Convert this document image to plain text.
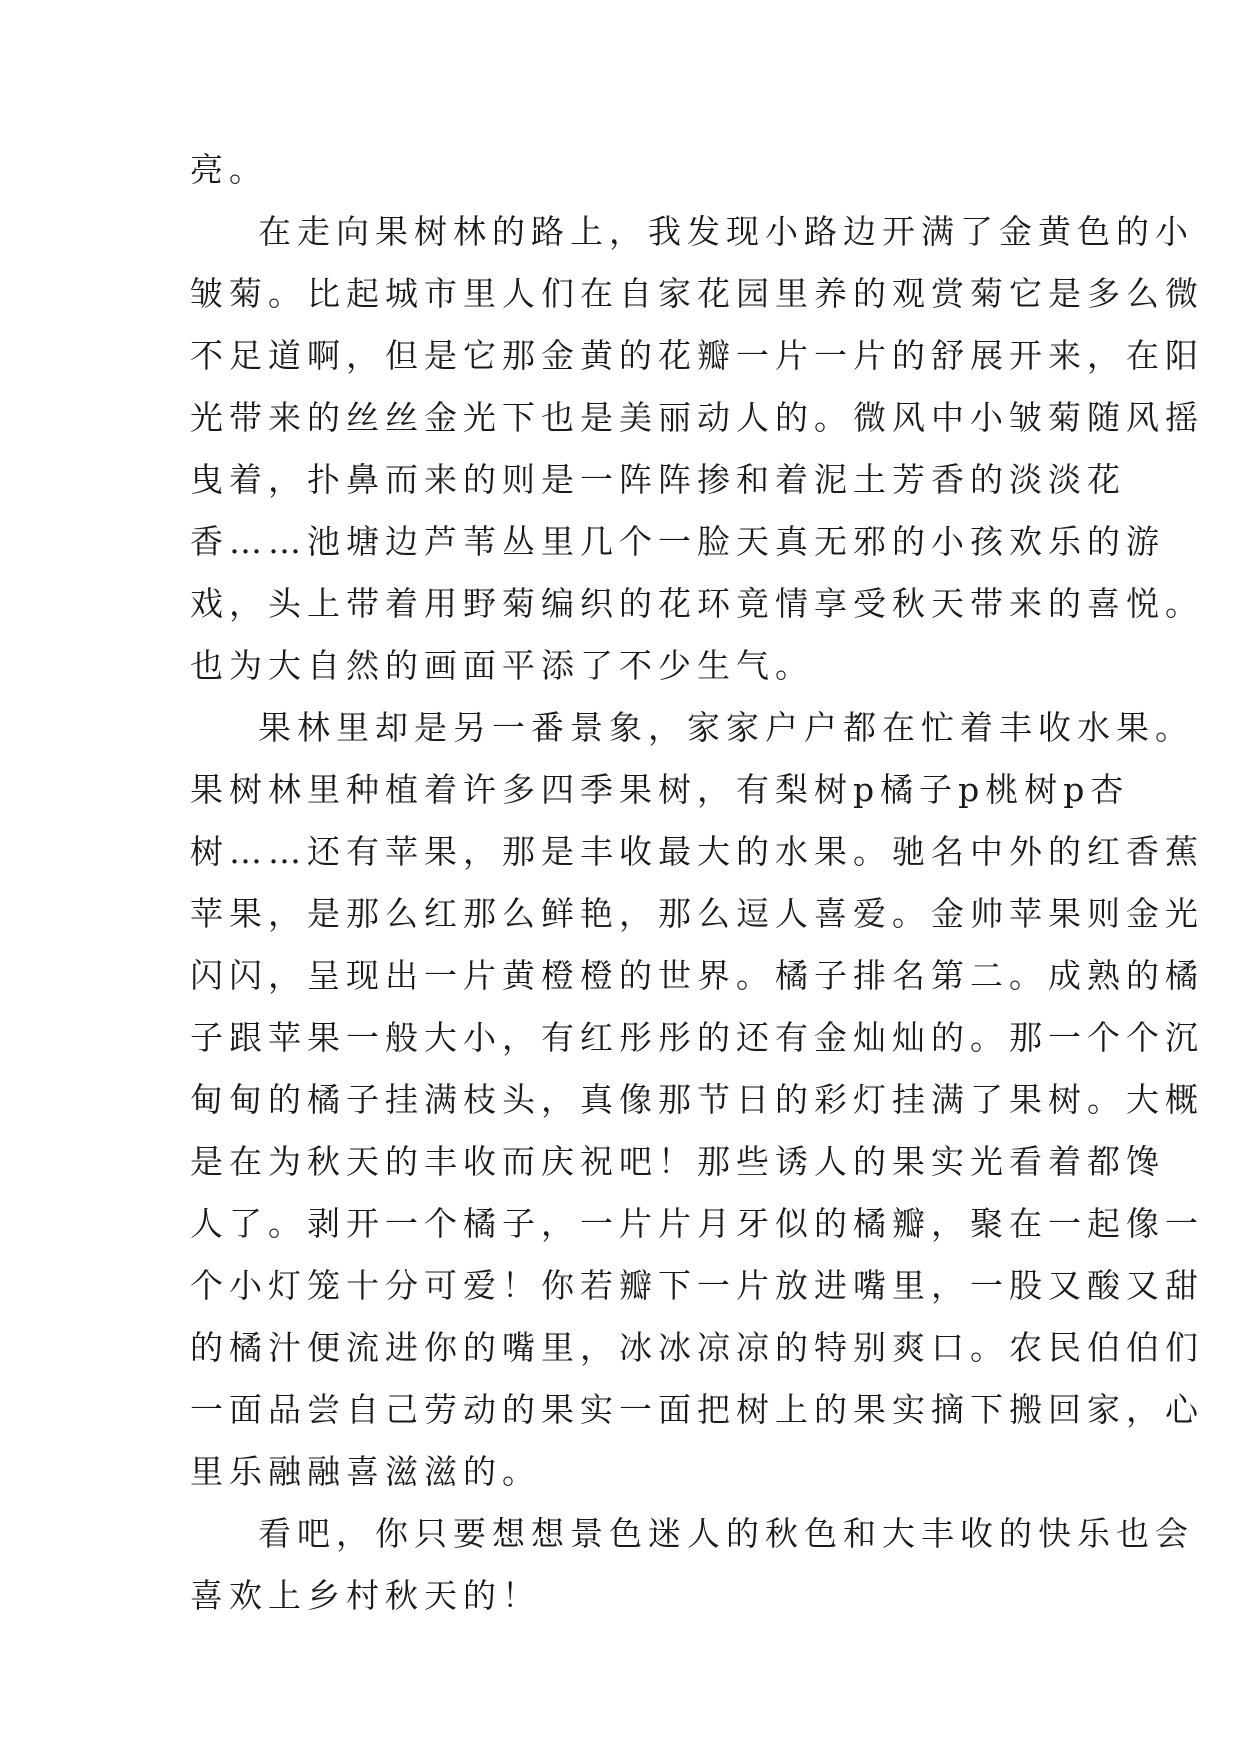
亮。
在走向果树林的路上，我发现小路边开满了金黄色的小
皱菊。比起城市里人们在自家花园里养的观赏菊它是多么微
不足道啊，但是它那金黄的花瓣一片一片的舒展开来，在阳
光带来的丝丝金光下也是美丽动人的。微风中小皱菊随风摇
曳着，扑鼻而来的则是一阵阵掺和着泥土芳香的淡淡花
香……池塘边芦苇丛里几个一脸天真无邪的小孩欢乐的游
戏，头上带着用野菊编织的花环竟情享受秋天带来的喜悦。
也为大自然的画面平添了不少生气。
果林里却是另一番景象，家家户户都在忙着丰收水果。
果树林里种植着许多四季果树，有梨树p橘子p桃树p杏
树……还有苹果，那是丰收最大的水果。驰名中外的红香蕉
苹果，是那么红那么鲜艳，那么逗人喜爱。金帅苹果则金光
闪闪，呈现出一片黄橙橙的世界。橘子排名第二。成熟的橘
子跟苹果一般大小，有红彤彤的还有金灿灿的。那一个个沉
甸甸的橘子挂满枝头，真像那节日的彩灯挂满了果树。大概
是在为秋天的丰收而庆祝吧！那些诱人的果实光看着都馋
人了。剥开一个橘子，一片片月牙似的橘瓣，聚在一起像一
个小灯笼十分可爱！你若瓣下一片放进嘴里，一股又酸又甜
的橘汁便流进你的嘴里，冰冰凉凉的特别爽口。农民伯伯们
一面品尝自己劳动的果实一面把树上的果实摘下搬回家，心
里乐融融喜滋滋的。
看吧，你只要想想景色迷人的秋色和大丰收的快乐也会
喜欢上乡村秋天的！
